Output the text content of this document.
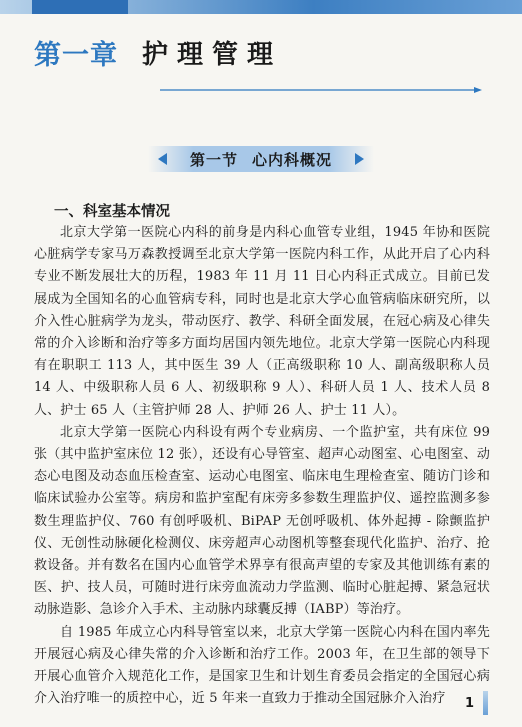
第一章 护理管理
第一节 心内科概况
一、科室基本情况

北京大学第一医院心内科的前身是内科心血管专业组，1945 年协和医院心脏病学专家马万森教授调至北京大学第一医院内科工作，从此开启了心内科专业不断发展壮大的历程，1983 年 11 月 11 日心内科正式成立。目前已发展成为全国知名的心血管病专科，同时也是北京大学心血管病临床研究所，以介入性心脏病学为龙头，带动医疗、教学、科研全面发展，在冠心病及心律失常的介入诊断和治疗等多方面均居国内领先地位。北京大学第一医院心内科现有在职职工 113 人，其中医生 39 人（正高级职称 10 人、副高级职称人员 14 人、中级职称人员 6 人、初级职称 9 人）、科研人员 1 人、技术人员 8 人、护士 65 人（主管护师 28 人、护师 26 人、护士 11 人）。

北京大学第一医院心内科设有两个专业病房、一个监护室，共有床位 99 张（其中监护室床位 12 张），还设有心导管室、超声心动图室、心电图室、动态心电图及动态血压检查室、运动心电图室、临床电生理检查室、随访门诊和临床试验办公室等。病房和监护室配有床旁多参数生理监护仪、遥控监测多参数生理监护仪、760 有创呼吸机、BiPAP 无创呼吸机、体外起搏 - 除颤监护仪、无创性动脉硬化检测仪、床旁超声心动图机等整套现代化监护、治疗、抢救设备。并有数名在国内心血管学术界享有很高声望的专家及其他训练有素的医、护、技人员，可随时进行床旁血流动力学监测、临时心脏起搏、紧急冠状动脉造影、急诊介入手术、主动脉内球囊反搏（IABP）等治疗。

自 1985 年成立心内科导管室以来，北京大学第一医院心内科在国内率先开展冠心病及心律失常的介入诊断和治疗工作。2003 年，在卫生部的领导下开展心血管介入规范化工作，是国家卫生和计划生育委员会指定的全国冠心病介入治疗唯一的质控中心，近 5 年来一直致力于推动全国冠脉介入治疗	1
